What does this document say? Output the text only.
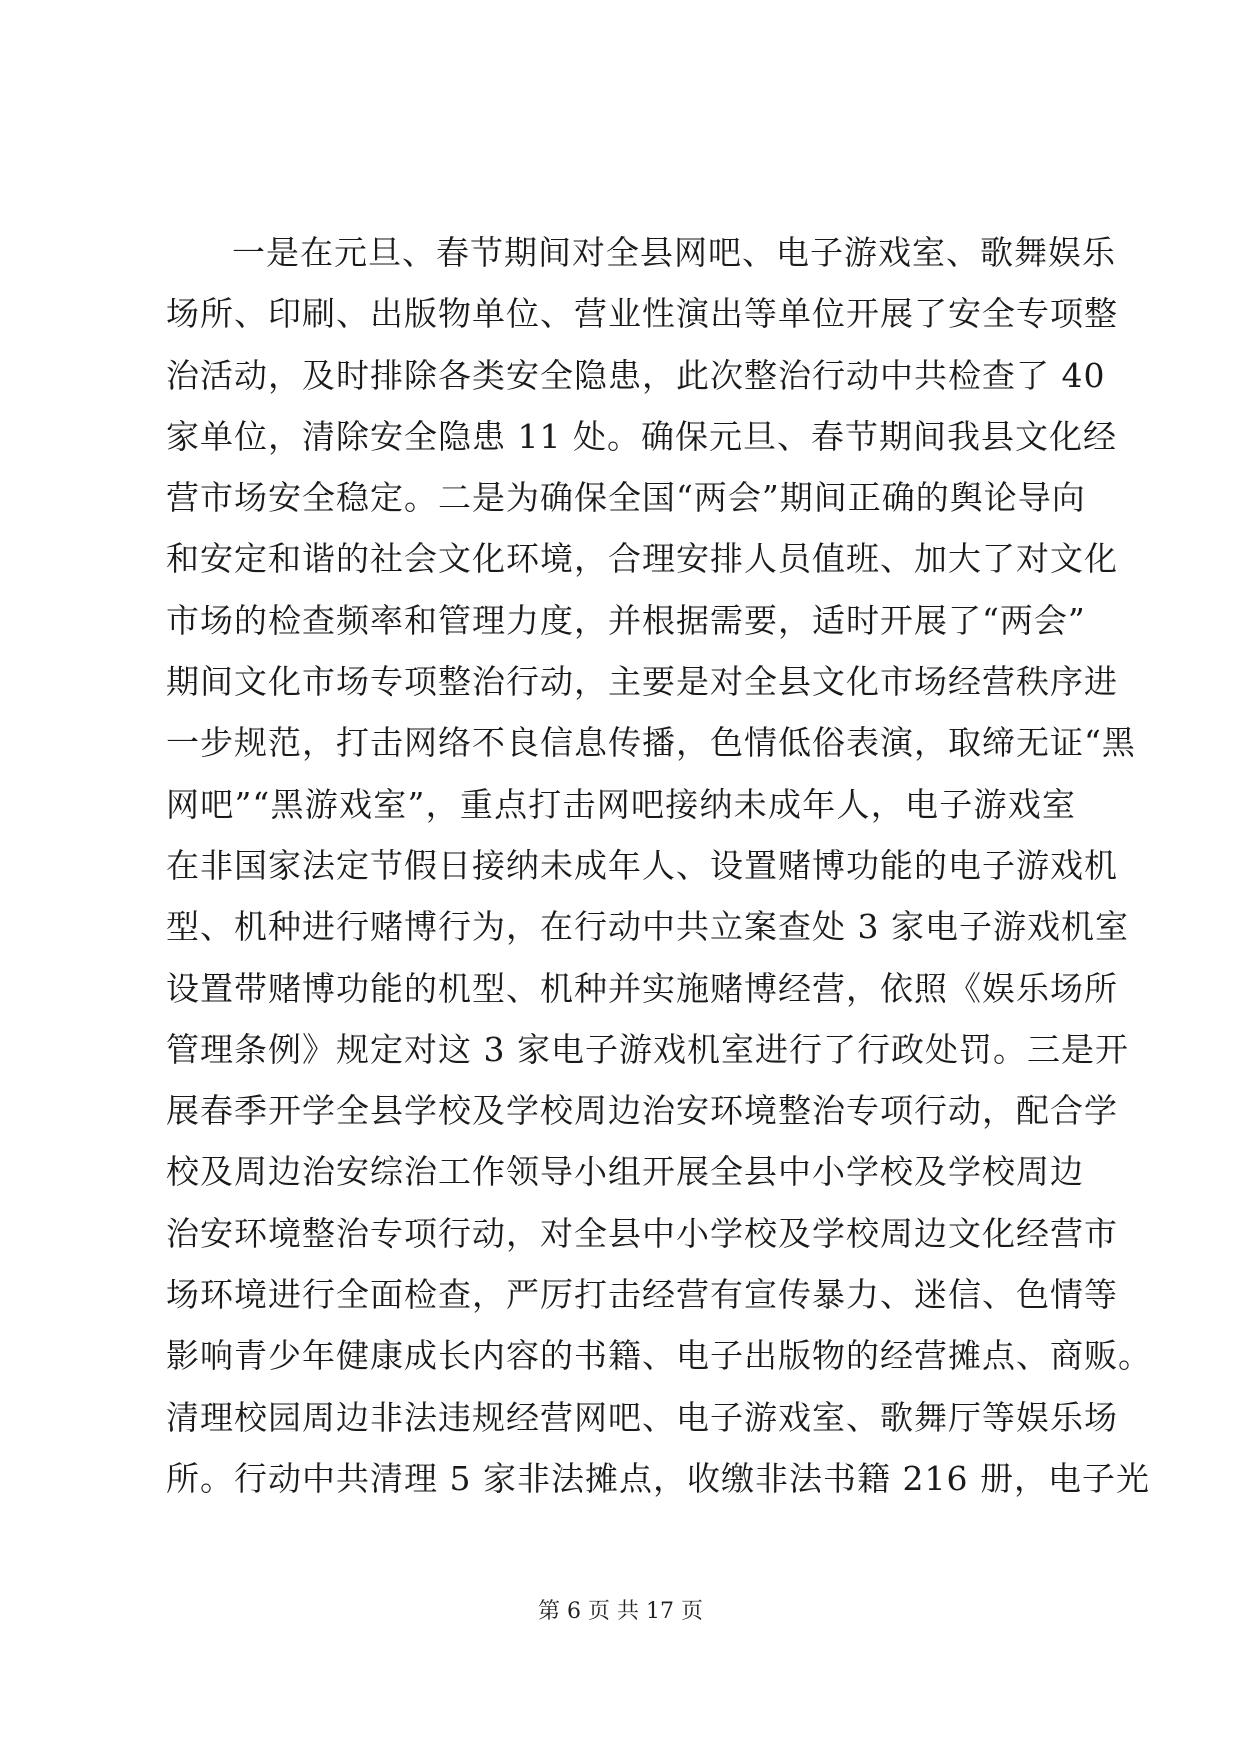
一是在元旦、春节期间对全县网吧、电子游戏室、歌舞娱乐
场所、印刷、出版物单位、营业性演出等单位开展了安全专项整
治活动，及时排除各类安全隐患，此次整治行动中共检查了 40
家单位，清除安全隐患 11 处。确保元旦、春节期间我县文化经
营市场安全稳定。二是为确保全国“两会”期间正确的舆论导向
和安定和谐的社会文化环境，合理安排人员值班、加大了对文化
市场的检查频率和管理力度，并根据需要，适时开展了“两会”
期间文化市场专项整治行动，主要是对全县文化市场经营秩序进
一步规范，打击网络不良信息传播，色情低俗表演，取缔无证“黑
网吧”“黑游戏室”，重点打击网吧接纳未成年人，电子游戏室
在非国家法定节假日接纳未成年人、设置赌博功能的电子游戏机
型、机种进行赌博行为，在行动中共立案查处 3 家电子游戏机室
设置带赌博功能的机型、机种并实施赌博经营，依照《娱乐场所
管理条例》规定对这 3 家电子游戏机室进行了行政处罚。三是开
展春季开学全县学校及学校周边治安环境整治专项行动，配合学
校及周边治安综治工作领导小组开展全县中小学校及学校周边
治安环境整治专项行动，对全县中小学校及学校周边文化经营市
场环境进行全面检查，严厉打击经营有宣传暴力、迷信、色情等
影响青少年健康成长内容的书籍、电子出版物的经营摊点、商贩。
清理校园周边非法违规经营网吧、电子游戏室、歌舞厅等娱乐场
所。行动中共清理 5 家非法摊点，收缴非法书籍 216 册，电子光
第 6 页 共 17 页
